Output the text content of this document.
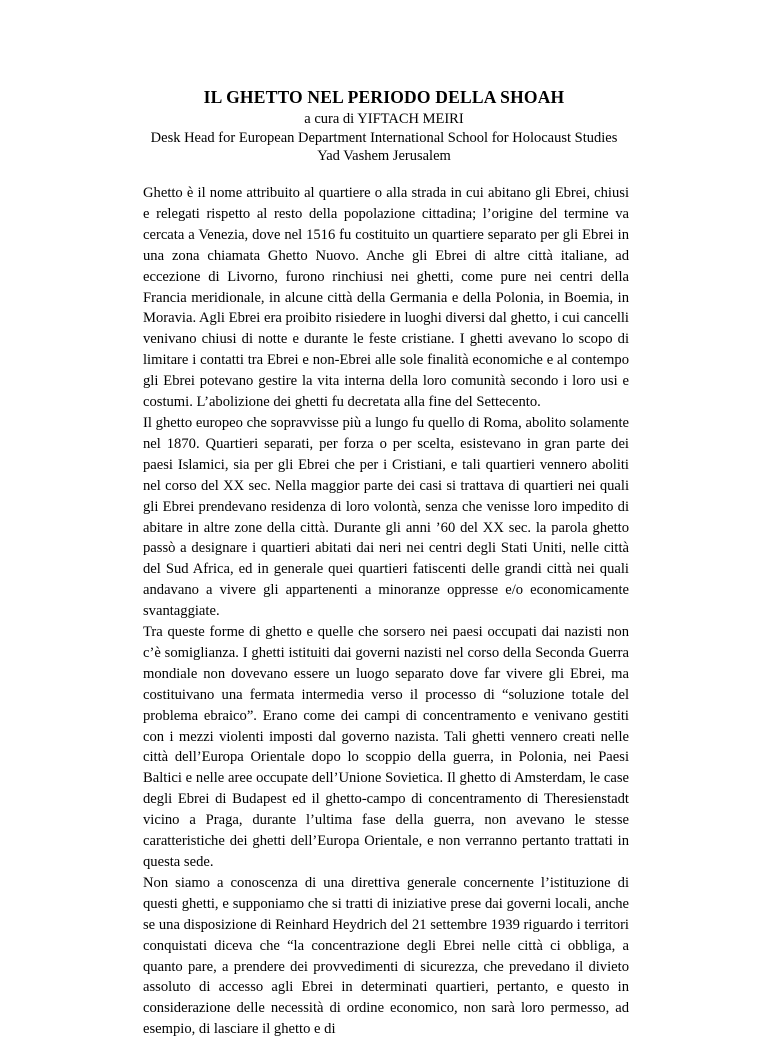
IL GHETTO NEL PERIODO DELLA SHOAH

a cura di YIFTACH MEIRI

Desk Head for European Department International School for Holocaust Studies

Yad Vashem Jerusalem

Ghetto è il nome attribuito al quartiere o alla strada in cui abitano gli Ebrei, chiusi e relegati rispetto al resto della popolazione cittadina; l’origine del termine va cercata a Venezia, dove nel 1516 fu costituito un quartiere separato per gli Ebrei in una zona chiamata Ghetto Nuovo. Anche gli Ebrei di altre città italiane, ad eccezione di Livorno, furono rinchiusi nei ghetti, come pure nei centri della Francia meridionale, in alcune città della Germania e della Polonia, in Boemia, in Moravia. Agli Ebrei era proibito risiedere in luoghi diversi dal ghetto, i cui cancelli venivano chiusi di notte e durante le feste cristiane. I ghetti avevano lo scopo di limitare i contatti tra Ebrei e non-Ebrei alle sole finalità economiche e al contempo gli Ebrei potevano gestire la vita interna della loro comunità secondo i loro usi e costumi. L’abolizione dei ghetti fu decretata alla fine del Settecento.

Il ghetto europeo che sopravvisse più a lungo fu quello di Roma, abolito solamente nel 1870. Quartieri separati, per forza o per scelta, esistevano in gran parte dei paesi Islamici, sia per gli Ebrei che per i Cristiani, e tali quartieri vennero aboliti nel corso del XX sec. Nella maggior parte dei casi si trattava di quartieri nei quali gli Ebrei prendevano residenza di loro volontà, senza che venisse loro impedito di abitare in altre zone della città. Durante gli anni ’60 del XX sec. la parola ghetto passò a designare i quartieri abitati dai neri nei centri degli Stati Uniti, nelle città del Sud Africa, ed in generale quei quartieri fatiscenti delle grandi città nei quali andavano a vivere gli appartenenti a minoranze oppresse e/o economicamente svantaggiate.

Tra queste forme di ghetto e quelle che sorsero nei paesi occupati dai nazisti non c’è somiglianza. I ghetti istituiti dai governi nazisti nel corso della Seconda Guerra mondiale non dovevano essere un luogo separato dove far vivere gli Ebrei, ma costituivano una fermata intermedia verso il processo di “soluzione totale del problema ebraico”. Erano come dei campi di concentramento e venivano gestiti con i mezzi violenti imposti dal governo nazista. Tali ghetti vennero creati nelle città dell’Europa Orientale dopo lo scoppio della guerra, in Polonia, nei Paesi Baltici e nelle aree occupate dell’Unione Sovietica. Il ghetto di Amsterdam, le case degli Ebrei di Budapest ed il ghetto-campo di concentramento di Theresienstadt vicino a Praga, durante l’ultima fase della guerra, non avevano le stesse caratteristiche dei ghetti dell’Europa Orientale, e non verranno pertanto trattati in questa sede.

Non siamo a conoscenza di una direttiva generale concernente l’istituzione di questi ghetti, e supponiamo che si tratti di iniziative prese dai governi locali, anche se una disposizione di Reinhard Heydrich del 21 settembre 1939 riguardo i territori conquistati diceva che “la concentrazione degli Ebrei nelle città ci obbliga, a quanto pare, a prendere dei provvedimenti di sicurezza, che prevedano il divieto assoluto di accesso agli Ebrei in determinati quartieri, pertanto, e questo in considerazione delle necessità di ordine economico, non sarà loro permesso, ad esempio, di lasciare il ghetto e di
